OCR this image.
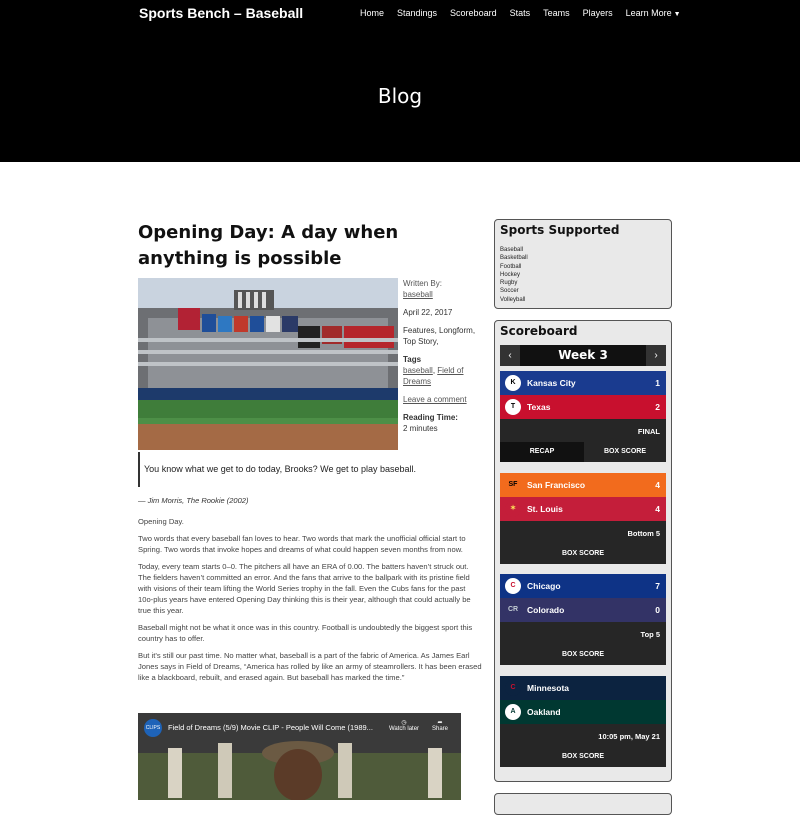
Sports Bench – Baseball	Home Standings Scoreboard Stats Teams Players Learn More ▼
Blog
Opening Day: A day when anything is possible

Written By:
baseball

April 22, 2017

Features, Longform, Top Story,

Tags
baseball, Field of Dreams

Leave a comment

Reading Time:
2 minutes

You know what we get to do today, Brooks? We get to play baseball.
— Jim Morris, The Rookie (2002)

Opening Day.

Two words that every baseball fan loves to hear. Two words that mark the unofficial official start to Spring. Two words that invoke hopes and dreams of what could happen seven months from now.

Today, every team starts 0–0. The pitchers all have an ERA of 0.00. The batters haven’t struck out. The fielders haven’t committed an error. And the fans that arrive to the ballpark with its pristine field with visions of their team lifting the World Series trophy in the fall. Even the Cubs fans for the past 10o-plus years have entered Opening Day thinking this is their year, although that could actually be true this year.

Baseball might not be what it once was in this country. Football is undoubtedly the biggest sport this country has to offer.

But it’s still our past time. No matter what, baseball is a part of the fabric of America. As James Earl Jones says in Field of Dreams, “America has rolled by like an army of steamrollers. It has been erased like a blackboard, rebuilt, and erased again. But baseball has marked the time.”

CLIPS Field of Dreams (5/9) Movie CLIP - People Will Come (1989...	◷
Watch later
➦
Share
Sports Supported
Baseball
Basketball
Football
Hockey
Rugby
Soccer
Volleyball
Scoreboard
Week 3
‹	›
K	Kansas City	1
T	Texas	2
FINAL
RECAP	BOX SCORE
SF	San Francisco	4
✶	St. Louis	4
Bottom 5
BOX SCORE
C	Chicago	7
CR	Colorado	0
Top 5
BOX SCORE
C	Minnesota
A	Oakland
10:05 pm, May 21
BOX SCORE
